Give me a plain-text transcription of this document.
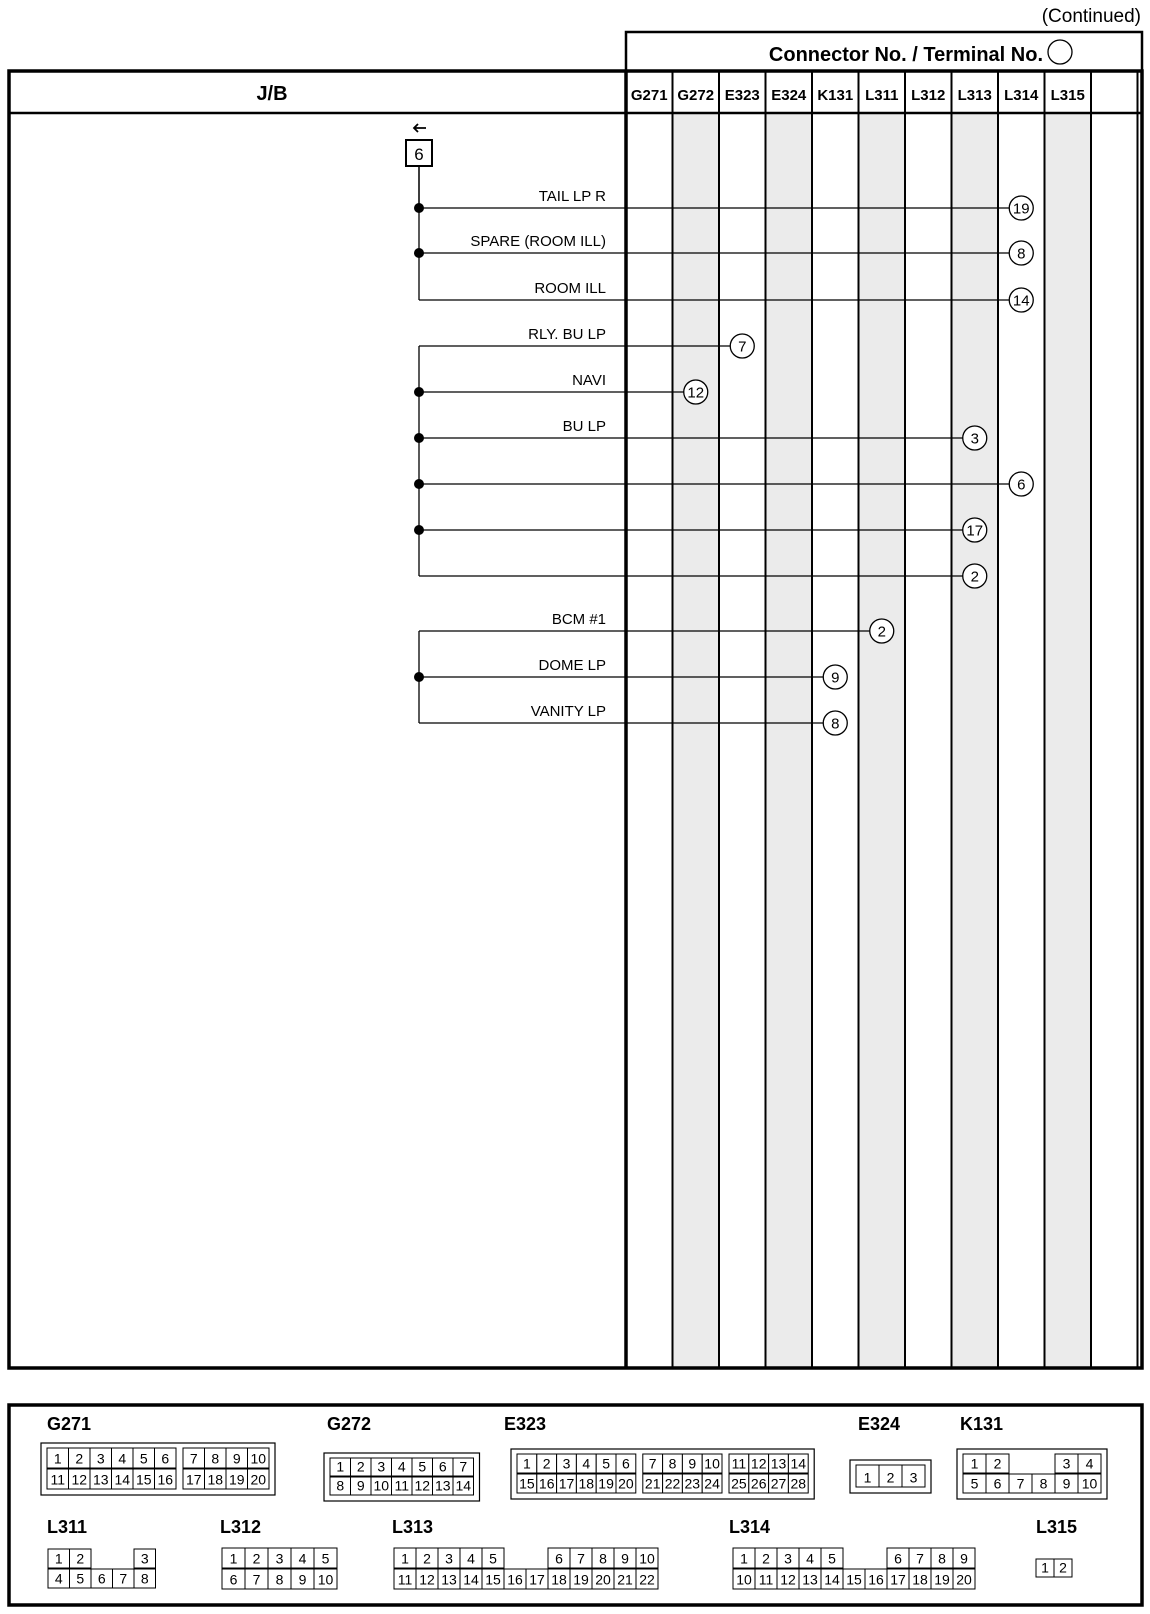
(Continued)
Connector No. / Terminal No.
J/B	G271 G272 E323 E324 K131 L311 L312 L313 L314 L315
6
TAIL LP R
19
SPARE (ROOM ILL)
8
ROOM ILL
14
RLY. BU LP
7
NAVI
12
BU LP
3
6
17
2
BCM #1
2
DOME LP
9
VANITY LP
8
G271
1 2 3 4 5 6 7 8 9 10
11 12 13 14 15 16 17 18 19 20
G272
1 2 3 4 5 6 7
8 9 10 11 12 13 14
E323
1 2 3 4 5 6 7 8 9 10 11 12 13 14
15 16 17 18 19 20 21 22 23 24 25 26 27 28
E324
1 2 3
K131
1 2	3 4
5 6 7 8 9 10
L311
1 2	3
4 5 6 7 8
L312
1 2 3 4 5
6 7 8 9 10
L313
1 2 3 4 5	6 7 8 9 10
11 12 13 14 15 16 17 18 19 20 21 22
L314
1 2 3 4 5	6 7 8 9
10 11 12 13 14 15 16 17 18 19 20
L315
1 2
